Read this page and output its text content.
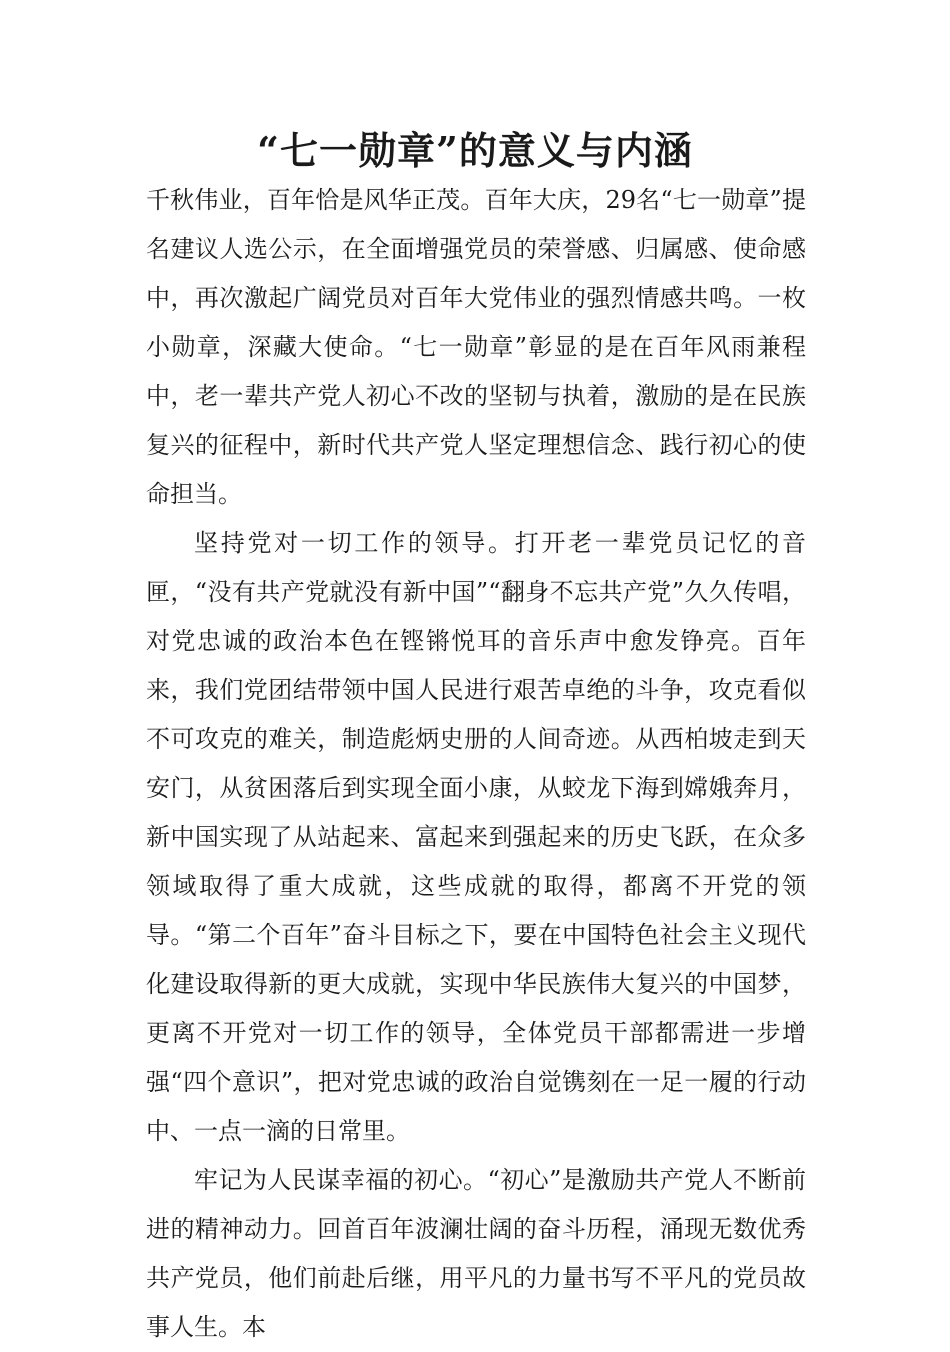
“七一勋章”的意义与内涵

千秋伟业，百年恰是风华正茂。百年大庆，29名“七一勋章”提名建议人选公示，在全面增强党员的荣誉感、归属感、使命感中，再次激起广阔党员对百年大党伟业的强烈情感共鸣。一枚小勋章，深藏大使命。“七一勋章”彰显的是在百年风雨兼程中，老一辈共产党人初心不改的坚韧与执着，激励的是在民族复兴的征程中，新时代共产党人坚定理想信念、践行初心的使命担当。

坚持党对一切工作的领导。打开老一辈党员记忆的音匣，“没有共产党就没有新中国”“翻身不忘共产党”久久传唱，对党忠诚的政治本色在铿锵悦耳的音乐声中愈发铮亮。百年来，我们党团结带领中国人民进行艰苦卓绝的斗争，攻克看似不可攻克的难关，制造彪炳史册的人间奇迹。从西柏坡走到天安门，从贫困落后到实现全面小康，从蛟龙下海到嫦娥奔月，新中国实现了从站起来、富起来到强起来的历史飞跃，在众多领域取得了重大成就，这些成就的取得，都离不开党的领导。“第二个百年”奋斗目标之下，要在中国特色社会主义现代化建设取得新的更大成就，实现中华民族伟大复兴的中国梦，更离不开党对一切工作的领导，全体党员干部都需进一步增强“四个意识”，把对党忠诚的政治自觉镌刻在一足一履的行动中、一点一滴的日常里。

牢记为人民谋幸福的初心。“初心”是激励共产党人不断前进的精神动力。回首百年波澜壮阔的奋斗历程，涌现无数优秀共产党员，他们前赴后继，用平凡的力量书写不平凡的党员故事人生。本
